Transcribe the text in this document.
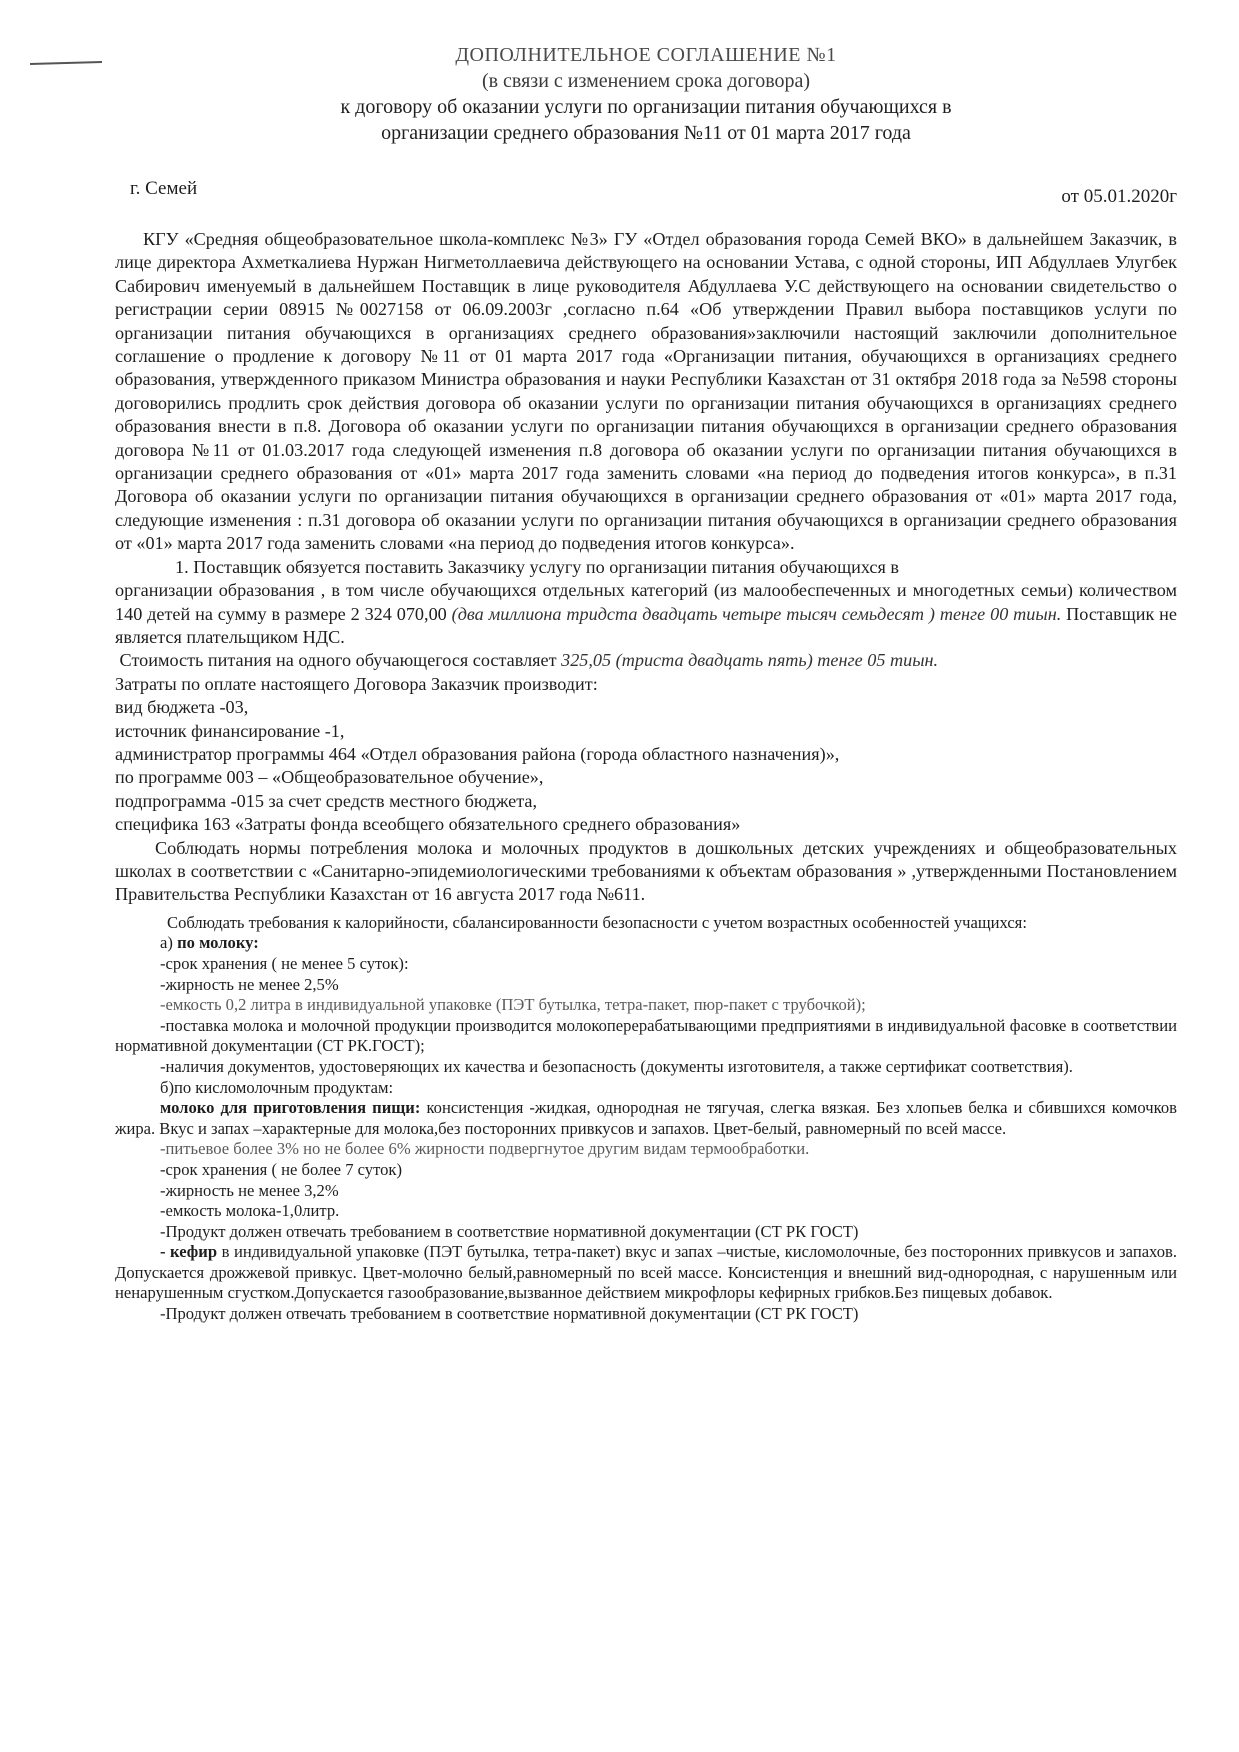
ДОПОЛНИТЕЛЬНОЕ СОГЛАШЕНИЕ №1
(в связи с изменением срока договора)
к договору об оказании услуги по организации питания обучающихся в
организации среднего образования №11 от 01 марта 2017 года
г. Семей	от 05.01.2020г

КГУ «Средняя общеобразовательное школа-комплекс №3» ГУ «Отдел образования города Семей ВКО» в дальнейшем Заказчик, в лице директора Ахметкалиева Нуржан Нигметоллаевича действующего на основании Устава, с одной стороны, ИП Абдуллаев Улугбек Сабирович именуемый в дальнейшем Поставщик в лице руководителя Абдуллаева У.С действующего на основании свидетельство о регистрации серии 08915 №0027158 от 06.09.2003г ,согласно п.64 «Об утверждении Правил выбора поставщиков услуги по организации питания обучающихся в организациях среднего образования»заключили настоящий заключили дополнительное соглашение о продление к договору №11 от 01 марта 2017 года «Организации питания, обучающихся в организациях среднего образования, утвержденного приказом Министра образования и науки Республики Казахстан от 31 октября 2018 года за №598 стороны договорились продлить срок действия договора об оказании услуги по организации питания обучающихся в организациях среднего образования внести в п.8. Договора об оказании услуги по организации питания обучающихся в организации среднего образования договора №11 от 01.03.2017 года следующей изменения п.8 договора об оказании услуги по организации питания обучающихся в организации среднего образования от «01» марта 2017 года заменить словами «на период до подведения итогов конкурса», в п.31 Договора об оказании услуги по организации питания обучающихся в организации среднего образования от «01» марта 2017 года, следующие изменения : п.31 договора об оказании услуги по организации питания обучающихся в организации среднего образования от «01» марта 2017 года заменить словами «на период до подведения итогов конкурса».

1. Поставщик обязуется поставить Заказчику услугу по организации питания обучающихся в

организации образования , в том числе обучающихся отдельных категорий (из малообеспеченных и многодетных семьи) количеством 140 детей на сумму в размере 2 324 070,00 (два миллиона тридста двадцать четыре тысяч семьдесят ) тенге 00 тиын. Поставщик не является плательщиком НДС.

Стоимость питания на одного обучающегося составляет 325,05 (триста двадцать пять) тенге 05 тиын.

Затраты по оплате настоящего Договора Заказчик производит:

вид бюджета -03,

источник финансирование -1,

администратор программы 464 «Отдел образования района (города областного назначения)»,

по программе 003 – «Общеобразовательное обучение»,

подпрограмма -015 за счет средств местного бюджета,

специфика 163 «Затраты фонда всеобщего обязательного среднего образования»

Соблюдать нормы потребления молока и молочных продуктов в дошкольных детских учреждениях и общеобразовательных школах в соответствии с «Санитарно-эпидемиологическими требованиями к объектам образования » ,утвержденными Постановлением Правительства Республики Казахстан от 16 августа 2017 года №611.

Соблюдать требования к калорийности, сбалансированности безопасности с учетом возрастных особенностей учащихся:

а) по молоку:

-срок хранения ( не менее 5 суток):

-жирность не менее 2,5%

-емкость 0,2 литра в индивидуальной упаковке (ПЭТ бутылка, тетра-пакет, пюр-пакет с трубочкой);

-поставка молока и молочной продукции производится молокоперерабатывающими предприятиями в индивидуальной фасовке в соответствии нормативной документации (СТ РК.ГОСТ);

-наличия документов, удостоверяющих их качества и безопасность (документы изготовителя, а также сертификат соответствия).

б)по кисломолочным продуктам:

молоко для приготовления пищи: консистенция -жидкая, однородная не тягучая, слегка вязкая. Без хлопьев белка и сбившихся комочков жира. Вкус и запах –характерные для молока,без посторонних привкусов и запахов. Цвет-белый, равномерный по всей массе.

-питьевое более 3% но не более 6% жирности подвергнутое другим видам термообработки.

-срок хранения ( не более 7 суток)

-жирность не менее 3,2%

-емкость молока-1,0литр.

-Продукт должен отвечать требованием в соответствие нормативной документации (СТ РК ГОСТ)

- кефир в индивидуальной упаковке (ПЭТ бутылка, тетра-пакет) вкус и запах –чистые, кисломолочные, без посторонних привкусов и запахов. Допускается дрожжевой привкус. Цвет-молочно белый,равномерный по всей массе. Консистенция и внешний вид-однородная, с нарушенным или ненарушенным сгустком.Допускается газообразование,вызванное действием микрофлоры кефирных грибков.Без пищевых добавок.

-Продукт должен отвечать требованием в соответствие нормативной документации (СТ РК ГОСТ)
